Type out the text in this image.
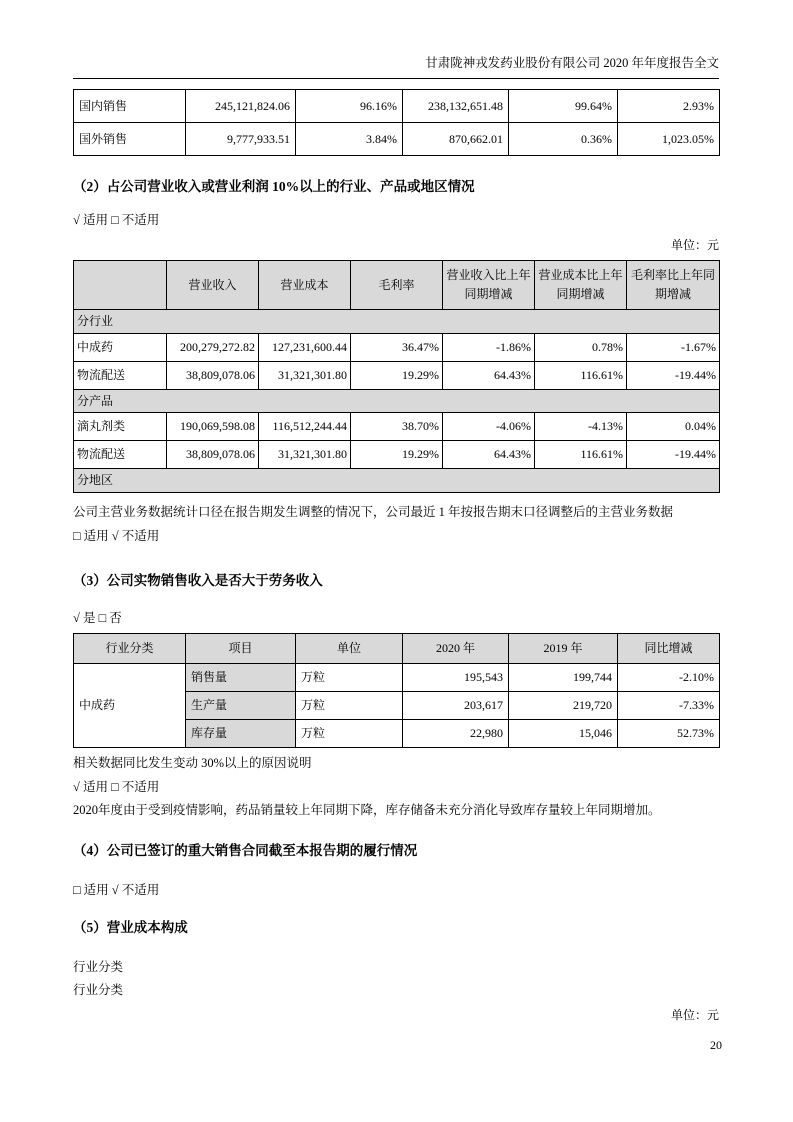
甘肃陇神戎发药业股份有限公司 2020 年年度报告全文
国内销售	245,121,824.06	96.16%	238,132,651.48	99.64%	2.93%
国外销售	9,777,933.51	3.84%	870,662.01	0.36%	1,023.05%
（2）占公司营业收入或营业利润 10%以上的行业、产品或地区情况
√ 适用 □ 不适用
单位：元
	营业收入	营业成本	毛利率	营业收入比上年同期增减	营业成本比上年同期增减	毛利率比上年同期增减
分行业						
中成药	200,279,272.82	127,231,600.44	36.47%	-1.86%	0.78%	-1.67%
物流配送	38,809,078.06	31,321,301.80	19.29%	64.43%	116.61%	-19.44%
分产品						
滴丸剂类	190,069,598.08	116,512,244.44	38.70%	-4.06%	-4.13%	0.04%
物流配送	38,809,078.06	31,321,301.80	19.29%	64.43%	116.61%	-19.44%
分地区						
公司主营业务数据统计口径在报告期发生调整的情况下，公司最近 1 年按报告期末口径调整后的主营业务数据
□ 适用 √ 不适用
（3）公司实物销售收入是否大于劳务收入
√ 是 □ 否
行业分类	项目	单位	2020 年	2019 年	同比增减
中成药	销售量	万粒	195,543	199,744	-2.10%
	生产量	万粒	203,617	219,720	-7.33%
	库存量	万粒	22,980	15,046	52.73%
相关数据同比发生变动 30%以上的原因说明
√ 适用 □ 不适用
2020年度由于受到疫情影响，药品销量较上年同期下降，库存储备未充分消化导致库存量较上年同期增加。
（4）公司已签订的重大销售合同截至本报告期的履行情况
□ 适用 √ 不适用
（5）营业成本构成
行业分类
行业分类
单位：元
20
